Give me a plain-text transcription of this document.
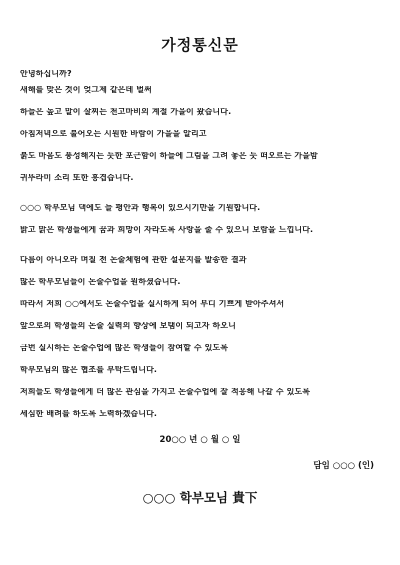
가정통신문
안녕하십니까?
새해를 맞은 것이 엊그제 같은데 벌써
하늘은 높고 말이 살찌는 천고마비의 계절 가을이 왔습니다.
아침저녁으로 불어오는 시원한 바람이 가을을 알리고
붉도 마음도 풍성해지는 듯한 포근함이 하늘에 그림을 그려 놓은 듯 떠오르는 가을밤
귀뚜라미 소리 또한 흥겹습니다.
○○○ 학부모님 댁에도 늘 평안과 행복이 있으시기만을 기원합니다.
밝고 맑은 학생들에게 꿈과 희망이 자라도록 사랑을 줄 수 있으니 보람을 느낍니다.
다름이 아니오라 며칠 전 논술체험에 관한 설문지를 발송한 결과
많은 학부모님들이 논술수업을 원하셨습니다.
따라서 저희 ○○에서도 논술수업을 실시하게 되어 부디 기쁘게 받아주셔서
앞으로의 학생들의 논술 실력의 향상에 보탬이 되고자 하오니
금번 실시하는 논술수업에 많은 학생들이 참여할 수 있도록
학부모님의 많은 협조를 부탁드립니다.
저희들도 학생들에게 더 많은 관심을 가지고 논술수업에 잘 적응해 나갈 수 있도록
세심한 배려를 하도록 노력하겠습니다.
20○○ 년 ○ 월 ○ 일
담임 ○○○ (인)
○○○ 학부모님 貴下
